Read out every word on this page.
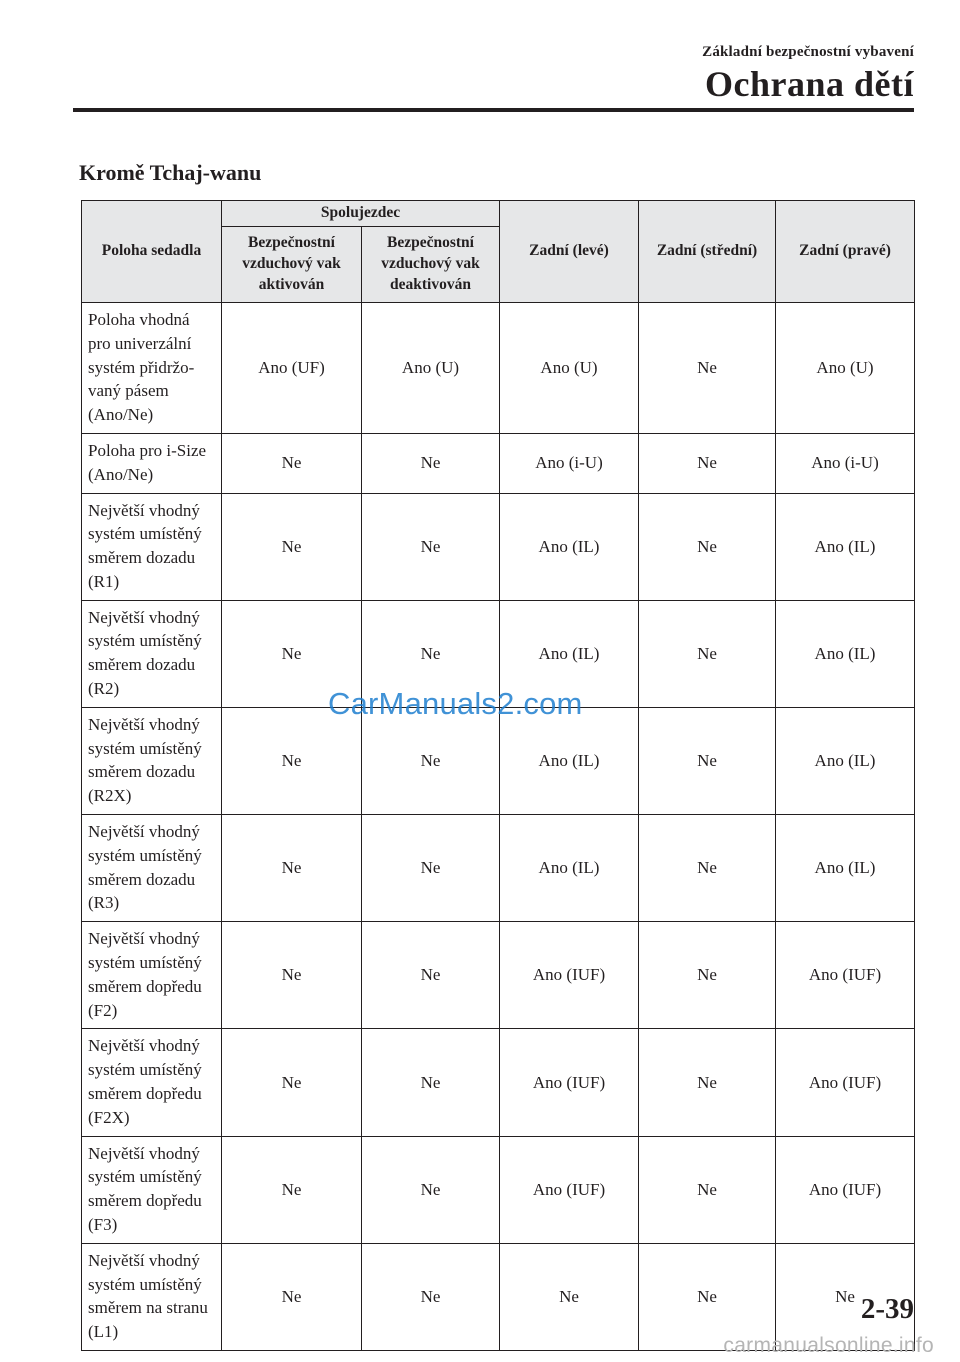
Základní bezpečnostní vybavení
Ochrana dětí
Kromě Tchaj-wanu
Poloha sedadla	Spolujezdec		Zadní (levé)	Zadní (střední)	Zadní (pravé)
	Bezpečnostní vzduchový vak aktivován	Bezpečnostní vzduchový vak deaktivován			

Poloha vhodná
pro univerzální
systém přidržo-
vaný pásem
(Ano/Ne)	Ano (UF)	Ano (U)	Ano (U)	Ne	Ano (U)

Poloha pro i-Size
(Ano/Ne)	Ne	Ne	Ano (i-U)	Ne	Ano (i-U)

Největší vhodný
systém umístěný
směrem dozadu
(R1)	Ne	Ne	Ano (IL)	Ne	Ano (IL)

Největší vhodný
systém umístěný
směrem dozadu
(R2)	Ne	Ne	Ano (IL)	Ne	Ano (IL)

Největší vhodný
systém umístěný
směrem dozadu
(R2X)	Ne	Ne	Ano (IL)	Ne	Ano (IL)

Největší vhodný
systém umístěný
směrem dozadu
(R3)	Ne	Ne	Ano (IL)	Ne	Ano (IL)

Největší vhodný
systém umístěný
směrem dopředu
(F2)	Ne	Ne	Ano (IUF)	Ne	Ano (IUF)

Největší vhodný
systém umístěný
směrem dopředu
(F2X)	Ne	Ne	Ano (IUF)	Ne	Ano (IUF)

Největší vhodný
systém umístěný
směrem dopředu
(F3)	Ne	Ne	Ano (IUF)	Ne	Ano (IUF)

Největší vhodný
systém umístěný
směrem na stranu
(L1)	Ne	Ne	Ne	Ne	Ne
CarManuals2.com
2-39
carmanualsonline.info
